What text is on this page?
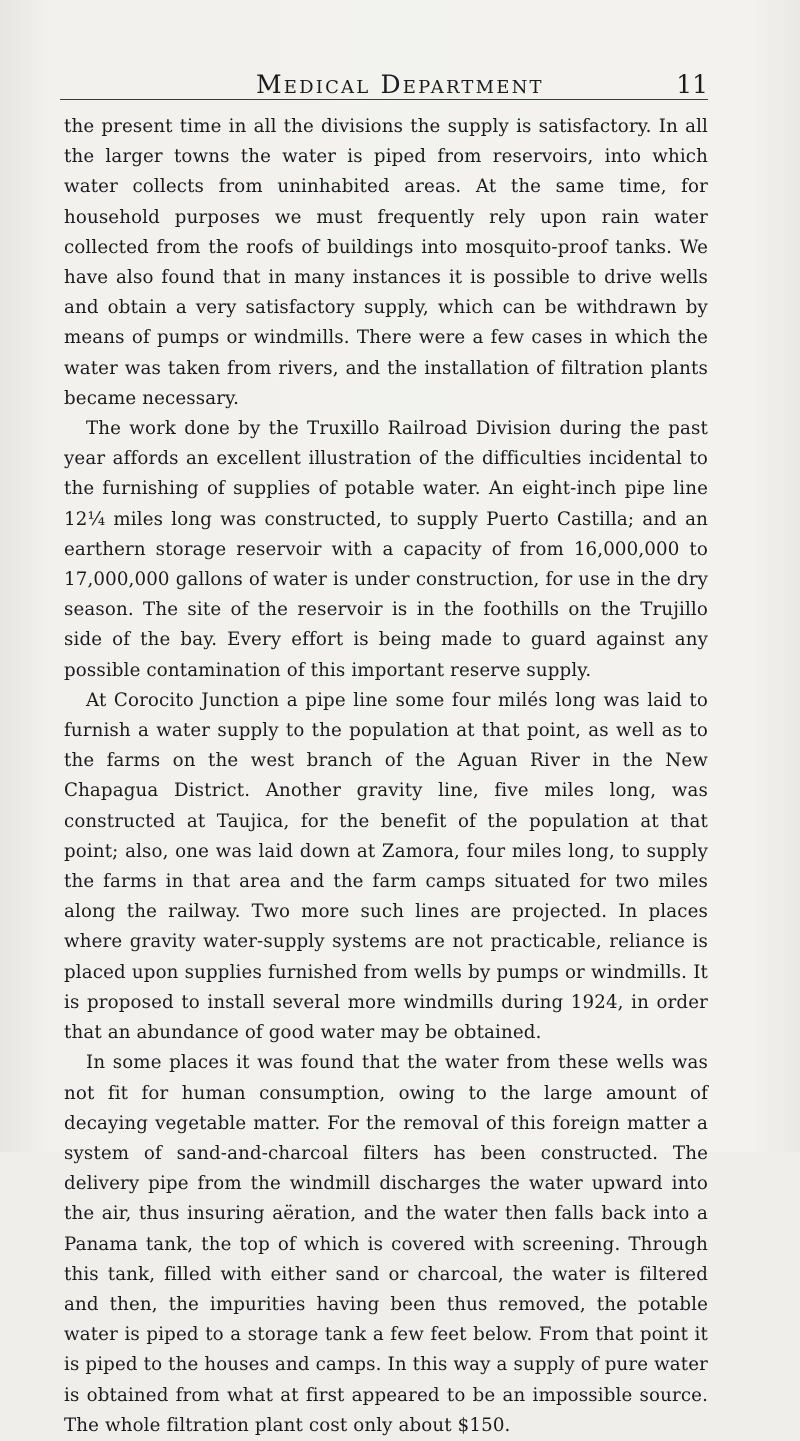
Medical Department	11

the present time in all the divisions the supply is satisfactory. In all the larger towns the water is piped from reservoirs, into which water collects from uninhabited areas. At the same time, for household purposes we must frequently rely upon rain water collected from the roofs of buildings into mosquito-proof tanks. We have also found that in many instances it is possible to drive wells and obtain a very satisfactory supply, which can be withdrawn by means of pumps or windmills. There were a few cases in which the water was taken from rivers, and the installation of filtration plants became necessary.

The work done by the Truxillo Railroad Division during the past year affords an excellent illustration of the difficulties incidental to the furnishing of supplies of potable water. An eight-inch pipe line 12¼ miles long was constructed, to supply Puerto Castilla; and an earthern storage reservoir with a capacity of from 16,000,000 to 17,000,000 gallons of water is under construction, for use in the dry season. The site of the reservoir is in the foothills on the Trujillo side of the bay. Every effort is being made to guard against any possible contamination of this important reserve supply.

At Corocito Junction a pipe line some four milés long was laid to furnish a water supply to the population at that point, as well as to the farms on the west branch of the Aguan River in the New Chapagua District. Another gravity line, five miles long, was constructed at Taujica, for the benefit of the population at that point; also, one was laid down at Zamora, four miles long, to supply the farms in that area and the farm camps situated for two miles along the railway. Two more such lines are projected. In places where gravity water-supply systems are not practicable, reliance is placed upon supplies furnished from wells by pumps or windmills. It is proposed to install several more windmills during 1924, in order that an abundance of good water may be obtained.

In some places it was found that the water from these wells was not fit for human consumption, owing to the large amount of decaying vegetable matter. For the removal of this foreign matter a system of sand-and-charcoal filters has been constructed. The delivery pipe from the windmill discharges the water upward into the air, thus insuring aëration, and the water then falls back into a Panama tank, the top of which is covered with screening. Through this tank, filled with either sand or charcoal, the water is filtered and then, the impurities having been thus removed, the potable water is piped to a storage tank a few feet below. From that point it is piped to the houses and camps. In this way a supply of pure water is obtained from what at first appeared to be an impossible source. The whole filtration plant cost only about $150.
